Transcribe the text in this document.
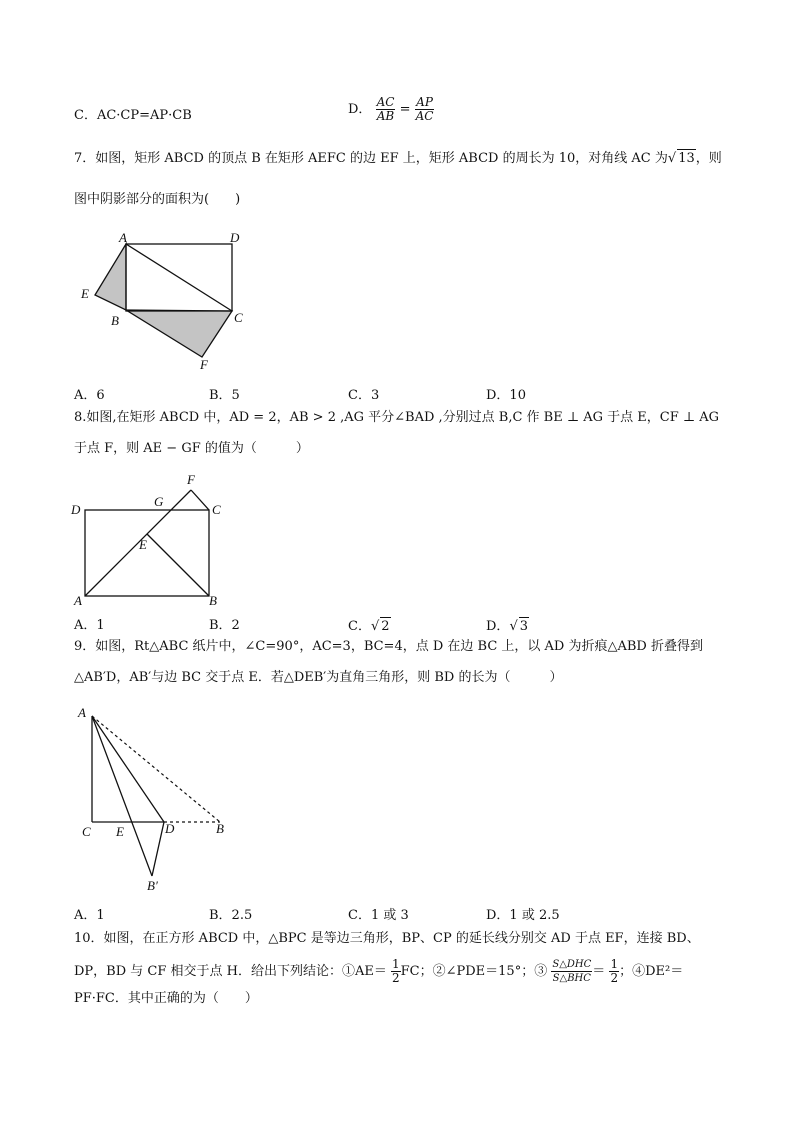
C．AC·CP=AP·CB	D． $\frac{AC}{AB} = \frac{AP}{AC}$
7．如图，矩形 ABCD 的顶点 B 在矩形 AEFC 的边 EF 上，矩形 ABCD 的周长为 10，对角线 AC 为√ 13，则
图中阴影部分的面积为(　　)
A	D
E
B	C
F
A．6	B．5	C．3	D．10
8.如图,在矩形 ABCD 中，AD = 2，AB > 2 ,AG 平分∠BAD ,分别过点 B,C 作 BE ⊥ AG 于点 E，CF ⊥ AG
于点 F，则 AE − GF 的值为（　　　）
F
G
C
D
E
A	B
A．1	B．2	C．√ 2	D．√ 3
9．如图，Rt△ABC 纸片中，∠C=90°，AC=3，BC=4，点 D 在边 BC 上，以 AD 为折痕△ABD 折叠得到
△AB′D，AB′与边 BC 交于点 E．若△DEB′为直角三角形，则 BD 的长为（　　　）
A
C E	D	B
B′
A．1	B．2.5	C．1 或 3	D．1 或 2.5
10．如图，在正方形 ABCD 中，△BPC 是等边三角形，BP、CP 的延长线分别交 AD 于点 EF，连接 BD、
DP，BD 与 CF 相交于点 H．给出下列结论：①AE＝ $\frac{1}{2}$ FC；②∠PDE＝15°；③ $\frac{\text{S△DHC}}{\text{S△BHC}} = \frac{1}{2}$ ；④DE²＝
PF·FC．其中正确的为（　　）
